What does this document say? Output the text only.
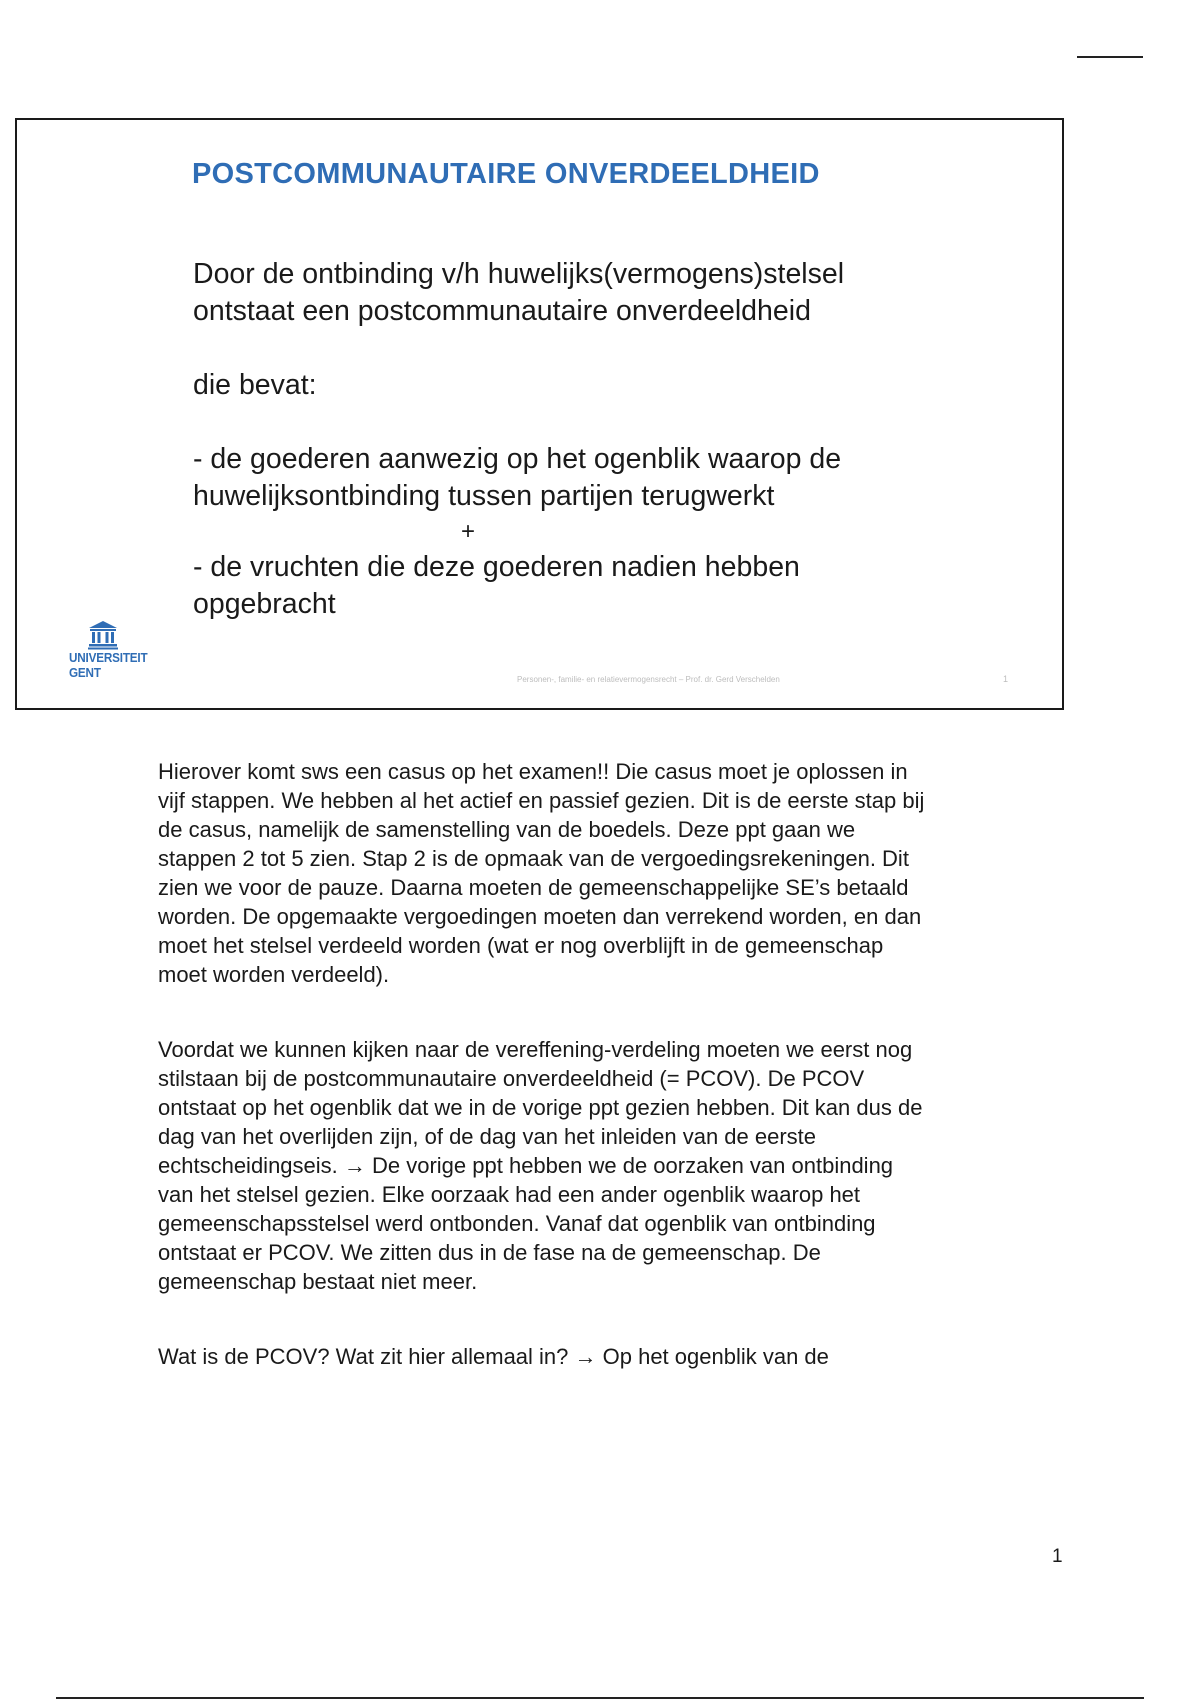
POSTCOMMUNAUTAIRE ONVERDEELDHEID

Door de ontbinding v/h huwelijks(vermogens)stelsel

ontstaat een postcommunautaire onverdeeldheid

die bevat:

- de goederen aanwezig op het ogenblik waarop de

huwelijksontbinding tussen partijen terugwerkt

+

- de vruchten die deze goederen nadien hebben

opgebracht

UNIVERSITEIT
GENT	Personen-, familie- en relatievermogensrecht – Prof. dr. Gerd Verschelden	1

Hierover komt sws een casus op het examen!! Die casus moet je oplossen in vijf stappen. We hebben al het actief en passief gezien. Dit is de eerste stap bij de casus, namelijk de samenstelling van de boedels. Deze ppt gaan we stappen 2 tot 5 zien. Stap 2 is de opmaak van de vergoedingsrekeningen. Dit zien we voor de pauze. Daarna moeten de gemeenschappelijke SE’s betaald worden. De opgemaakte vergoedingen moeten dan verrekend worden, en dan moet het stelsel verdeeld worden (wat er nog overblijft in de gemeenschap moet worden verdeeld).

Voordat we kunnen kijken naar de vereffening-verdeling moeten we eerst nog stilstaan bij de postcommunautaire onverdeeldheid (= PCOV). De PCOV ontstaat op het ogenblik dat we in de vorige ppt gezien hebben. Dit kan dus de dag van het overlijden zijn, of de dag van het inleiden van de eerste echtscheidingseis. → De vorige ppt hebben we de oorzaken van ontbinding van het stelsel gezien. Elke oorzaak had een ander ogenblik waarop het gemeenschapsstelsel werd ontbonden. Vanaf dat ogenblik van ontbinding ontstaat er PCOV. We zitten dus in de fase na de gemeenschap. De gemeenschap bestaat niet meer.

Wat is de PCOV? Wat zit hier allemaal in? → Op het ogenblik van de

1
